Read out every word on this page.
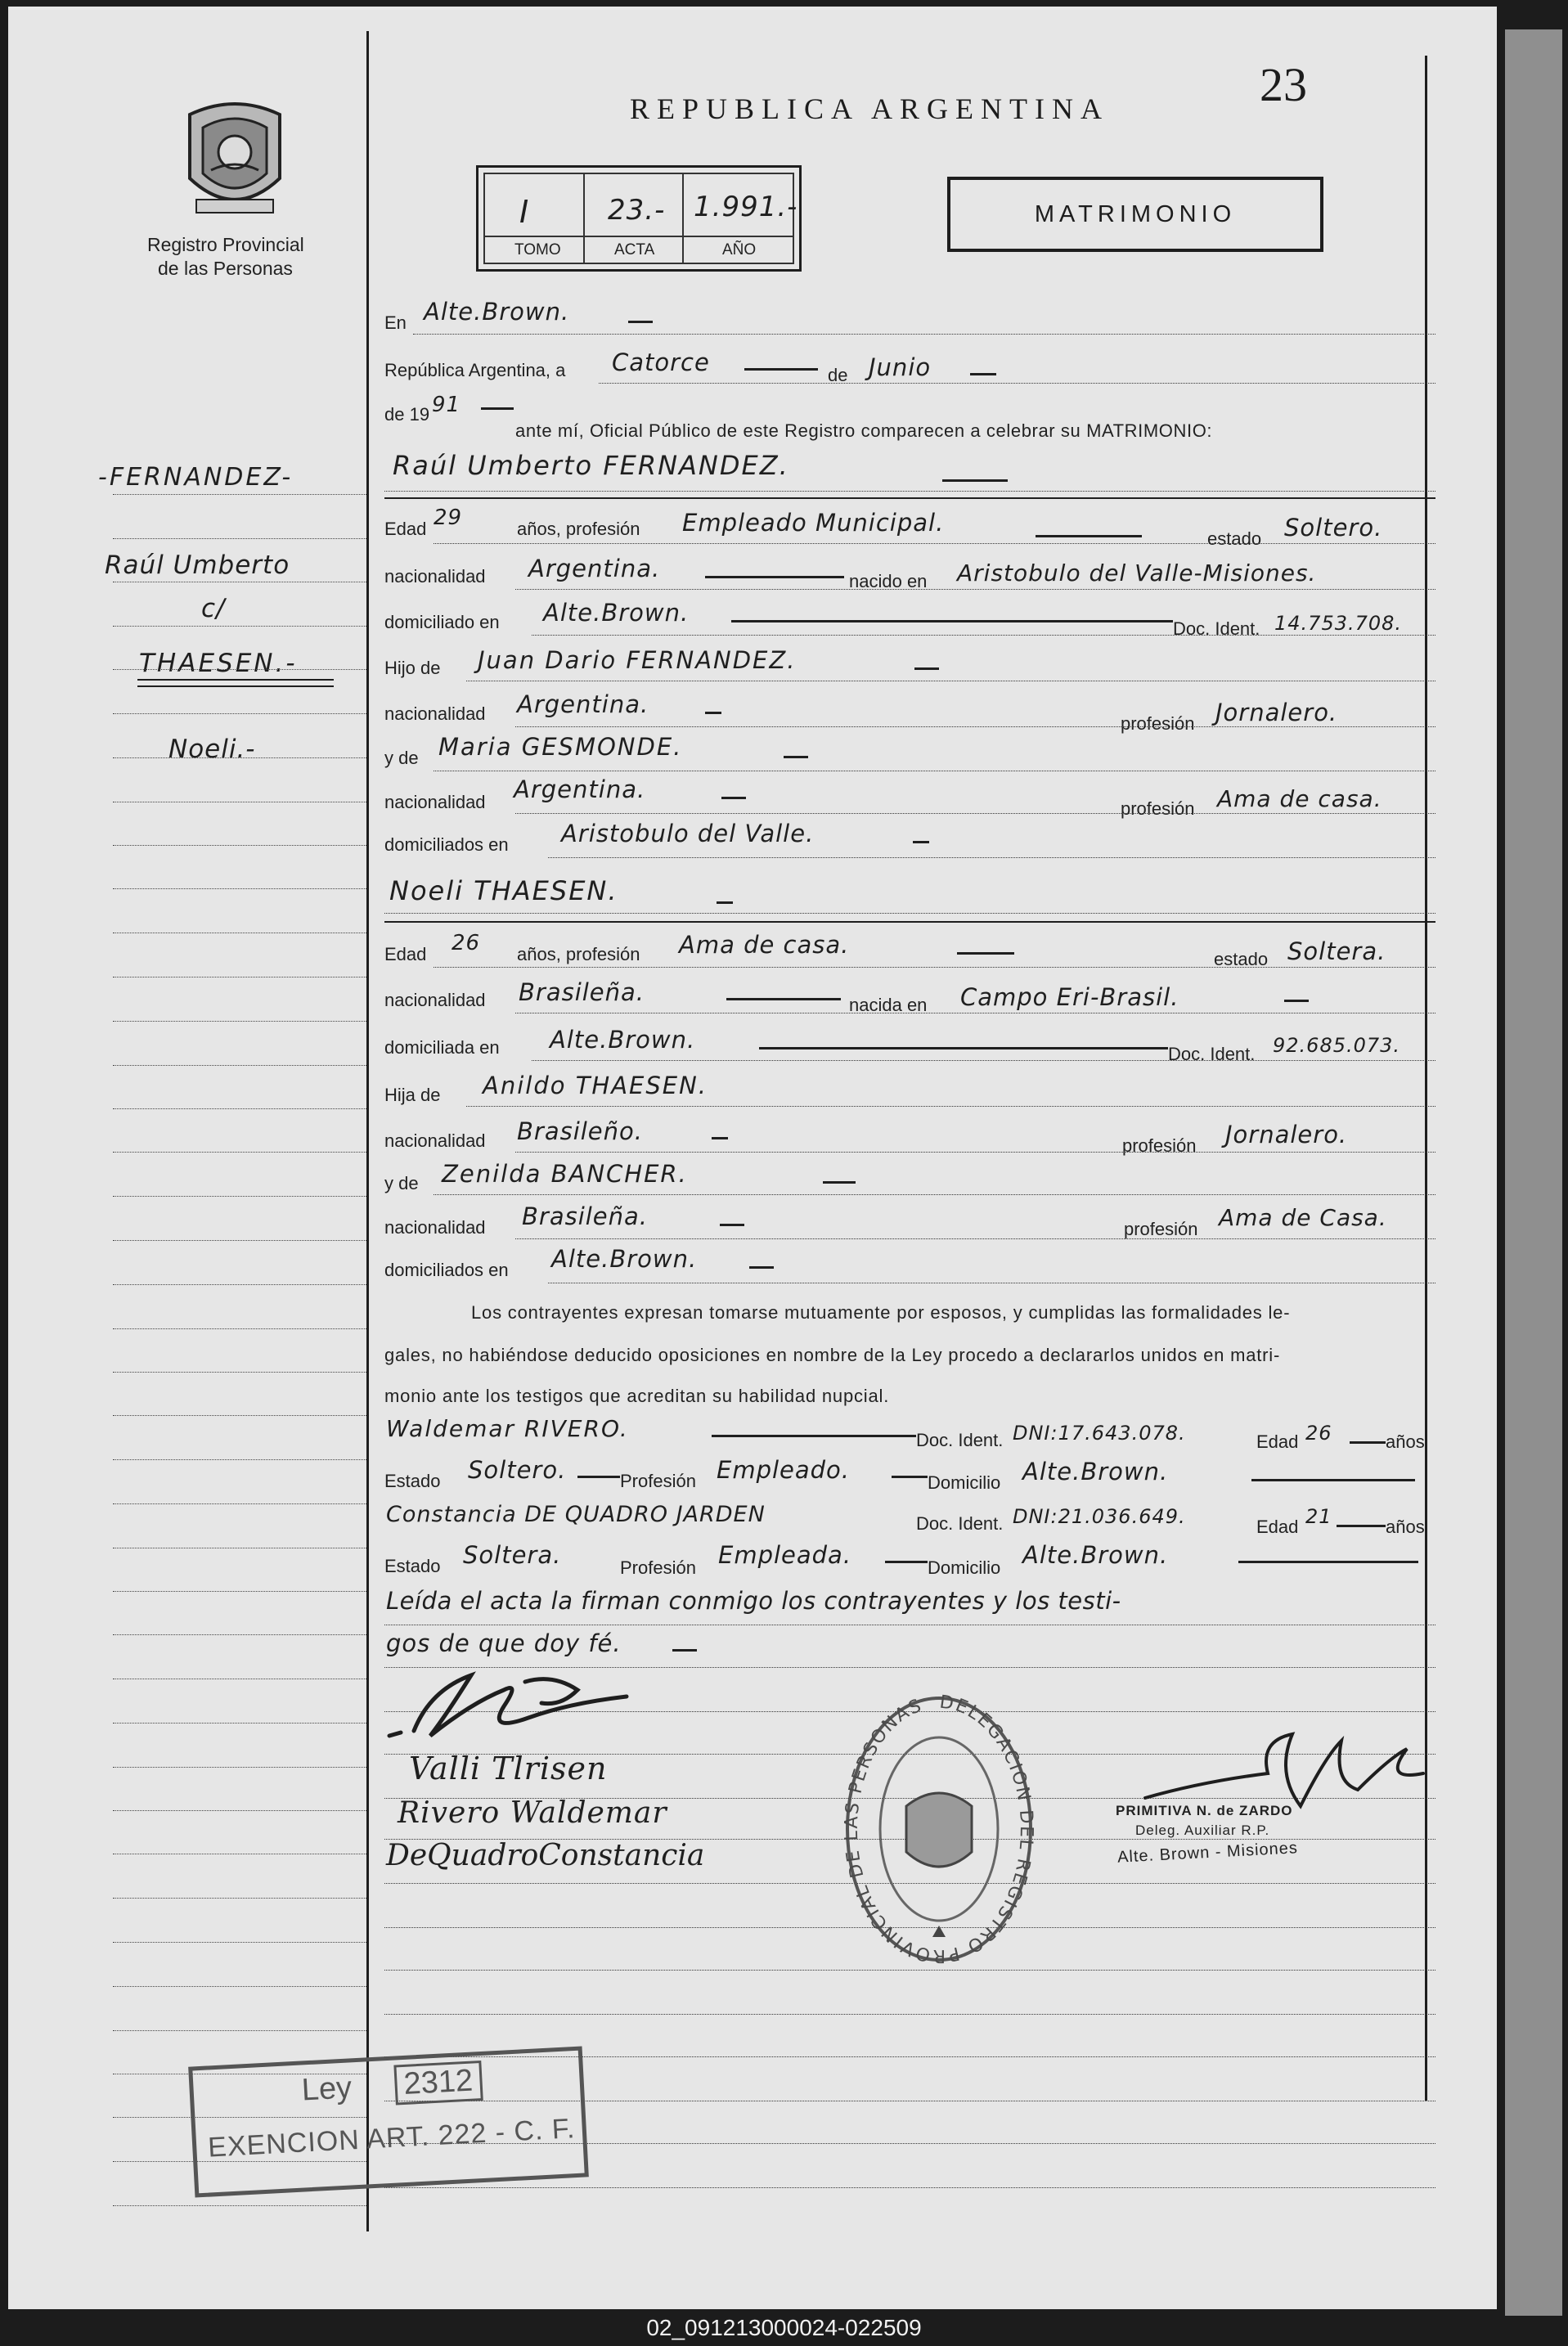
Registro Provincial
de las Personas
REPUBLICA ARGENTINA	23
I	23.- 1.991.-
TOMO	ACTA	AÑO
MATRIMONIO
-FERNANDEZ-
Raúl Umberto
c/
THAESEN.-
Noeli.-
En Alte.Brown.
República Argentina, a Catorce	de Junio
de 19 91
ante mí, Oficial Público de este Registro comparecen a celebrar su MATRIMONIO:
Raúl Umberto FERNANDEZ.
Edad 29	años, profesión Empleado Municipal.
estado Soltero.
nacionalidad Argentina.	nacido en Aristobulo del Valle-Misiones.
domiciliado en Alte.Brown.
Doc. Ident. 14.753.708.
Hijo de Juan Dario FERNANDEZ.
nacionalidad Argentina.
profesión Jornalero.
y de Maria GESMONDE.
nacionalidad Argentina.
profesión Ama de casa.
domiciliados en Aristobulo del Valle.
Noeli THAESEN.
Edad 26 años, profesión Ama de casa.
estado Soltera.
nacionalidad Brasileña.	nacida en Campo Eri-Brasil.
domiciliada en Alte.Brown.
Doc. Ident. 92.685.073.
Hija de Anildo THAESEN.
nacionalidad Brasileño.
profesión Jornalero.
y de Zenilda BANCHER.
nacionalidad Brasileña.	profesión Ama de Casa.
domiciliados en Alte.Brown.
Los contrayentes expresan tomarse mutuamente por esposos, y cumplidas las formalidades le-
gales, no habiéndose deducido oposiciones en nombre de la Ley procedo a declararlos unidos en matri-
monio ante los testigos que acreditan su habilidad nupcial.
Waldemar RIVERO.	Doc. Ident. DNI:17.643.078.	Edad 26	años
Estado Soltero.	Profesión Empleado.	Domicilio Alte.Brown.
Constancia DE QUADRO JARDEN	Doc. Ident. DNI:21.036.649.	Edad 21	años
Estado Soltera.	Profesión Empleada.	Domicilio Alte.Brown.
Leída el acta la firman conmigo los contrayentes y los testi-
gos de que doy fé.
Valli Tlrisen
Rivero Waldemar
DeQuadroConstancia
DELEGACION DEL REGISTRO PROVINCIAL DE LAS PERSONAS
PRIMITIVA N. de ZARDO
Deleg. Auxiliar R.P.
Alte. Brown - Misiones
Ley 2312
EXENCION ART. 222 - C. F.
02_091213000024-022509
